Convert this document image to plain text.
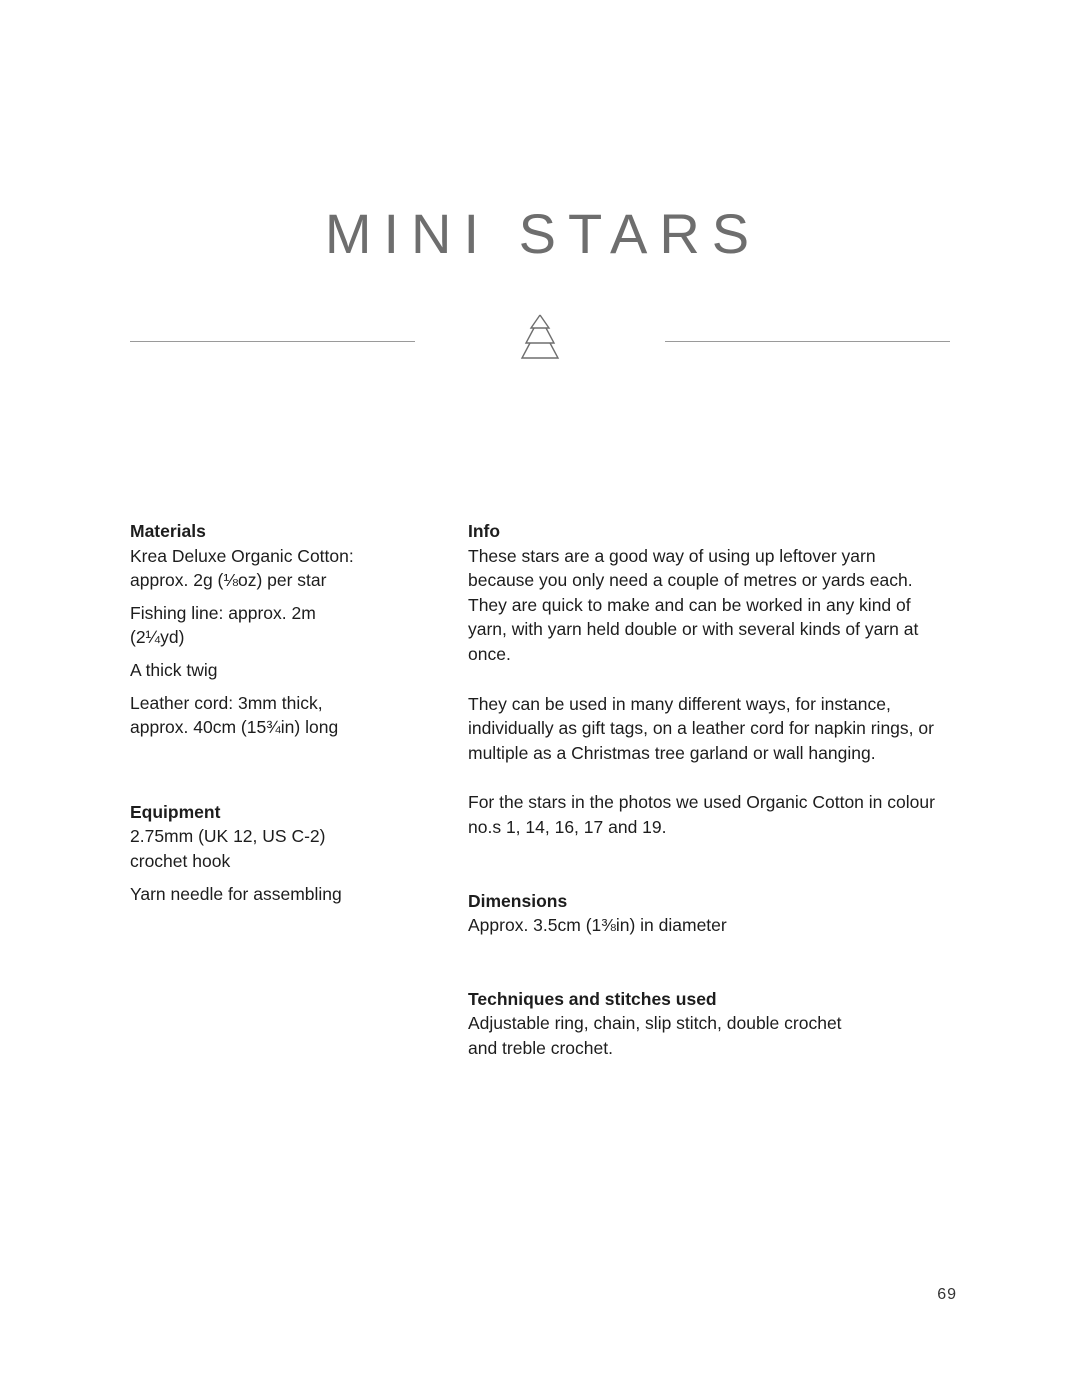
MINI STARS

Materials

Krea Deluxe Organic Cotton: approx. 2g (⅛oz) per star

Fishing line: approx. 2m (2¼yd)

A thick twig

Leather cord: 3mm thick, approx. 40cm (15¾in) long

Equipment

2.75mm (UK 12, US C-2) crochet hook

Yarn needle for assembling

Info

These stars are a good way of using up leftover yarn because you only need a couple of metres or yards each. They are quick to make and can be worked in any kind of yarn, with yarn held double or with several kinds of yarn at once.

They can be used in many different ways, for instance, individually as gift tags, on a leather cord for napkin rings, or multiple as a Christmas tree garland or wall hanging.

For the stars in the photos we used Organic Cotton in colour no.s 1, 14, 16, 17 and 19.

Dimensions

Approx. 3.5cm (1⅜in) in diameter

Techniques and stitches used

Adjustable ring, chain, slip stitch, double crochet and treble crochet.

69
